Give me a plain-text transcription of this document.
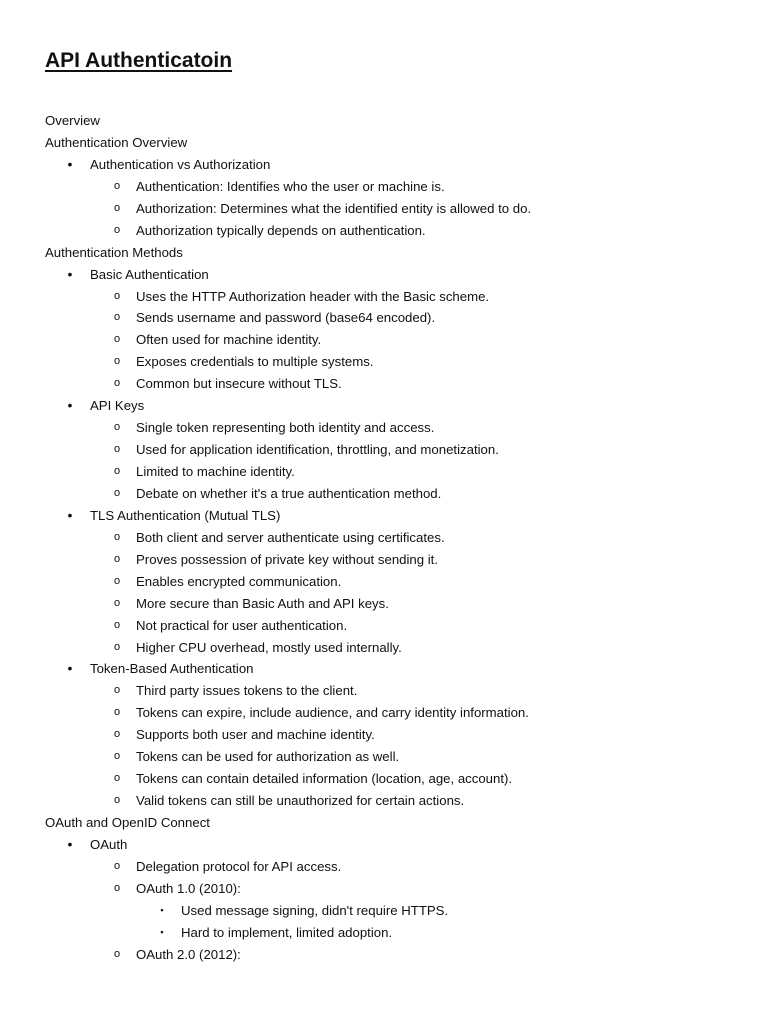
API Authenticatoin
Overview
Authentication Overview
• Authentication vs Authorization
o Authentication: Identifies who the user or machine is.
o Authorization: Determines what the identified entity is allowed to do.
o Authorization typically depends on authentication.
Authentication Methods
• Basic Authentication
o Uses the HTTP Authorization header with the Basic scheme.
o Sends username and password (base64 encoded).
o Often used for machine identity.
o Exposes credentials to multiple systems.
o Common but insecure without TLS.
• API Keys
o Single token representing both identity and access.
o Used for application identification, throttling, and monetization.
o Limited to machine identity.
o Debate on whether it's a true authentication method.
• TLS Authentication (Mutual TLS)
o Both client and server authenticate using certificates.
o Proves possession of private key without sending it.
o Enables encrypted communication.
o More secure than Basic Auth and API keys.
o Not practical for user authentication.
o Higher CPU overhead, mostly used internally.
• Token-Based Authentication
o Third party issues tokens to the client.
o Tokens can expire, include audience, and carry identity information.
o Supports both user and machine identity.
o Tokens can be used for authorization as well.
o Tokens can contain detailed information (location, age, account).
o Valid tokens can still be unauthorized for certain actions.
OAuth and OpenID Connect
• OAuth
o Delegation protocol for API access.
o OAuth 1.0 (2010):
▪	Used message signing, didn't require HTTPS.
▪	Hard to implement, limited adoption.
o OAuth 2.0 (2012):
